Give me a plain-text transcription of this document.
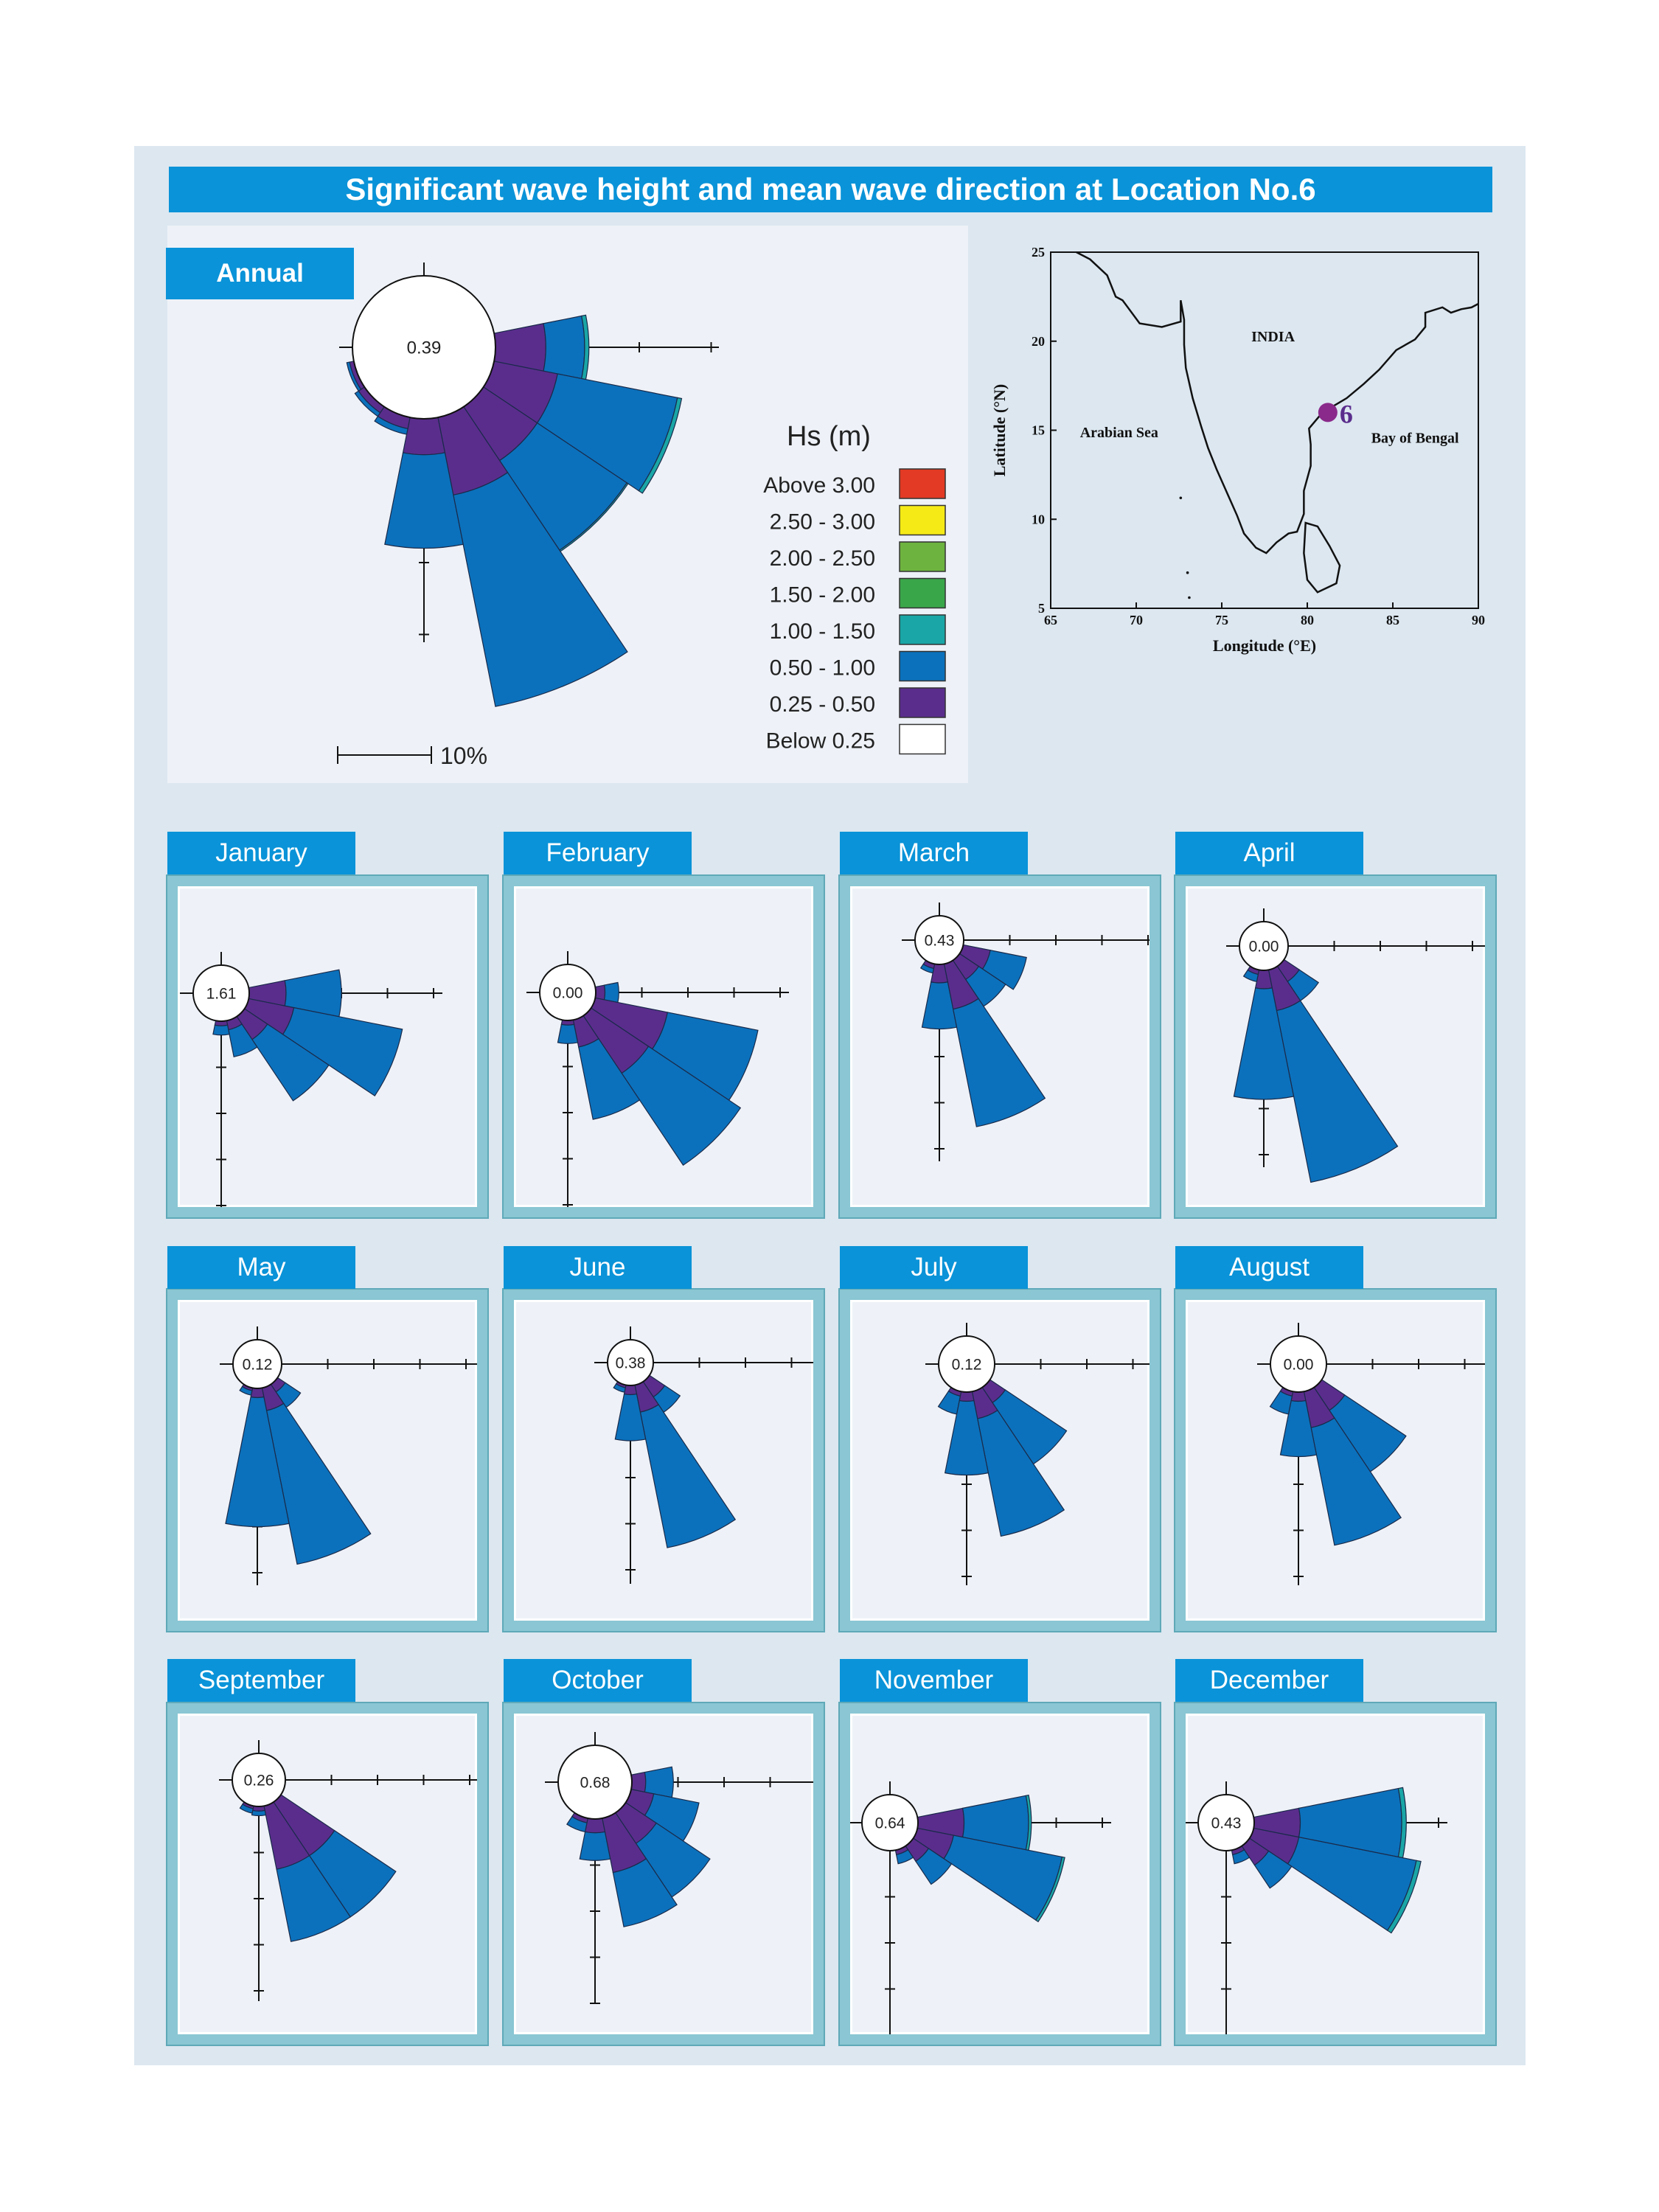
Significant wave height and mean wave direction at Location No.6
0.39
10%
Hs (m)
Above 3.00
2.50 - 3.00
2.00 - 2.50
1.50 - 2.00
1.00 - 1.50
0.50 - 1.00
0.25 - 0.50
Below 0.25
Annual
65	70	75	80	85	90
5
10
15
20
25
Longitude (°E)
Latitude (°N)
INDIA
Arabian Sea	Bay of Bengal
6
1.61
January
0.00
February
0.43
March
0.00
April
0.12
May
0.38
June
0.12
July
0.00
August
0.26
September
0.68
October
0.64
November
0.43
December
